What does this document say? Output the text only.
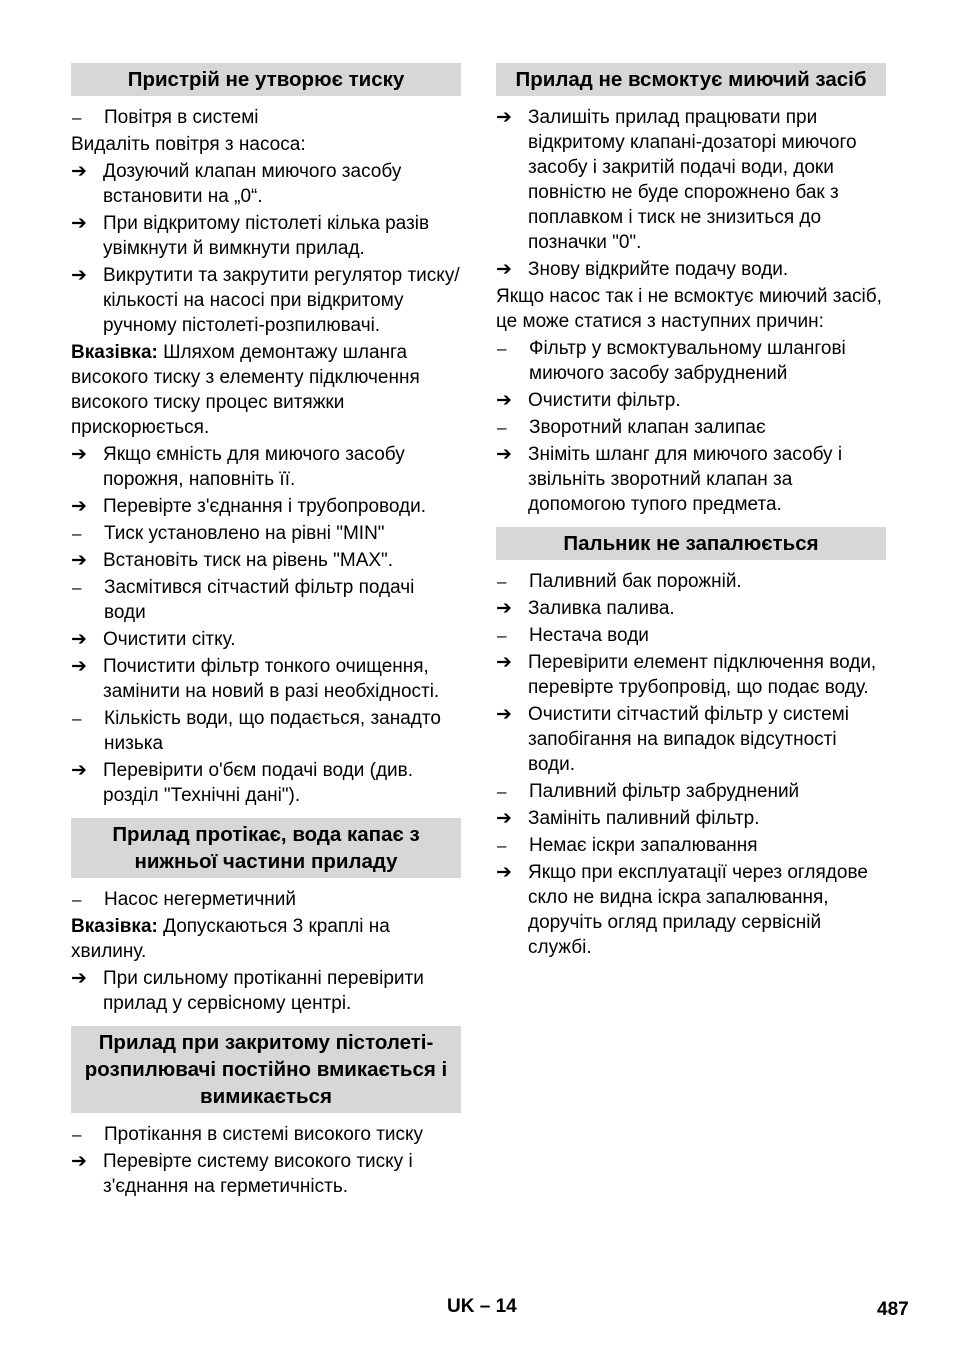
Пристрій не утворює тиску
–	Повітря в системі
Видаліть повітря з насоса:
➔ Дозуючий клапан миючого засобу встановити на „0“.
➔ При відкритому пістолеті кілька разів увімкнути й вимкнути прилад.
➔ Викрутити та закрутити регулятор тиску/кількості на насосі при відкритому ручному пістолеті-розпилювачі.
Вказівка: Шляхом демонтажу шланга високого тиску з елементу підключення високого тиску процес витяжки прискорюється.
➔ Якщо ємність для миючого засобу порожня, наповніть її.
➔ Перевірте з'єднання і трубопроводи.
–	Тиск установлено на рівні "MIN"
➔ Встановіть тиск на рівень "MAX".
–	Засмітився сітчастий фільтр подачі води
➔ Очистити сітку.
➔ Почистити фільтр тонкого очищення, замінити на новий в разі необхідності.
–	Кількість води, що подається, занадто низька
➔ Перевірити о'бєм подачі води (див. розділ "Технічні дані").
Прилад протікає, вода капає з нижньої частини приладу
–	Насос негерметичний
Вказівка: Допускаються 3 краплі на хвилину.
➔ При сильному протіканні перевірити прилад у сервісному центрі.
Прилад при закритому пістолеті-розпилювачі постійно вмикається і вимикається
–	Протікання в системі високого тиску
➔ Перевірте систему високого тиску і з'єднання на герметичність.
Прилад не всмоктує миючий засіб
➔ Залишіть прилад працювати при відкритому клапані-дозаторі миючого засобу і закритій подачі води, доки повністю не буде спорожнено бак з поплавком і тиск не знизиться до позначки "0".
➔ Знову відкрийте подачу води.
Якщо насос так і не всмоктує миючий засіб, це може статися з наступних причин:
–	Фільтр у всмоктувальному шлангові миючого засобу забруднений
➔ Очистити фільтр.
–	Зворотний клапан залипає
➔ Зніміть шланг для миючого засобу і звільніть зворотний клапан за допомогою тупого предмета.
Пальник не запалюється
–	Паливний бак порожній.
➔ Заливка палива.
–	Нестача води
➔ Перевірити елемент підключення води, перевірте трубопровід, що подає воду.
➔ Очистити сітчастий фільтр у системі запобігання на випадок відсутності води.
–	Паливний фільтр забруднений
➔ Замініть паливний фільтр.
–	Немає іскри запалювання
➔ Якщо при експлуатації через оглядове скло не видна іскра запалювання, доручіть огляд приладу сервісній службі.
UK – 14	487
